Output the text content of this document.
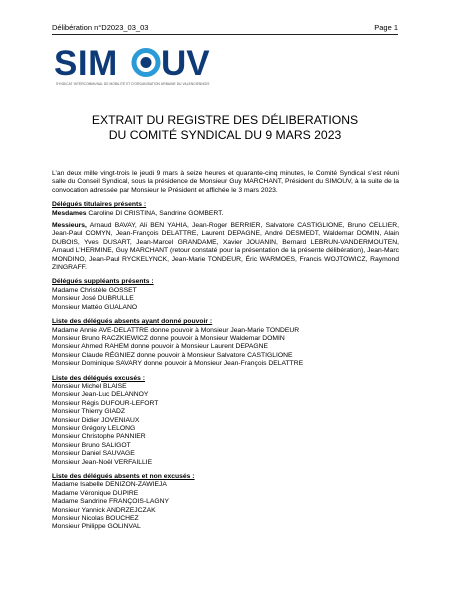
Délibération n°D2023_03_03	Page 1
SIM UV
SYNDICAT INTERCOMMUNAL DE MOBILITÉ ET D'ORGANISATION URBAINE DU VALENCIENNOIS
EXTRAIT DU REGISTRE DES DÉLIBERATIONS
DU COMITÉ SYNDICAL DU 9 MARS 2023
L’an deux mille vingt-trois le jeudi 9 mars à seize heures et quarante-cinq minutes, le Comité Syndical s’est réuni salle du Conseil Syndical, sous la présidence de Monsieur Guy MARCHANT, Président du SIMOUV, à la suite de la convocation adressée par Monsieur le Président et affichée le 3 mars 2023.
Délégués titulaires présents :
Mesdames Caroline DI CRISTINA, Sandrine GOMBERT.
Messieurs, Arnaud BAVAY, Ali BEN YAHIA, Jean-Roger BERRIER, Salvatore CASTIGLIONE, Bruno CELLIER, Jean-Paul COMYN, Jean-François DELATTRE, Laurent DEPAGNE, André DESMEDT, Waldemar DOMIN, Alain DUBOIS, Yves DUSART, Jean-Marcel GRANDAME, Xavier JOUANIN, Bernard LEBRUN-VANDERMOUTEN, Arnaud L’HERMINE, Guy MARCHANT (retour constaté pour la présentation de la présente délibération), Jean-Marc MONDINO, Jean-Paul RYCKELYNCK, Jean-Marie TONDEUR, Éric WARMOES, Francis WOJTOWICZ, Raymond ZINGRAFF.
Délégués suppléants présents :
Madame Christèle GOSSET
Monsieur José DUBRULLE
Monsieur Mattéo GUALANO
Liste des délégués absents ayant donné pouvoir :
Madame Annie AVE-DELATTRE donne pouvoir à Monsieur Jean-Marie TONDEUR
Monsieur Bruno RACZKIEWICZ donne pouvoir à Monsieur Waldemar DOMIN
Monsieur Ahmed RAHEM donne pouvoir à Monsieur Laurent DEPAGNE
Monsieur Claude RÉGNIEZ donne pouvoir à Monsieur Salvatore CASTIGLIONE
Monsieur Dominique SAVARY donne pouvoir à Monsieur Jean-François DELATTRE
Liste des délégués excusés :
Monsieur Michel BLAISE
Monsieur Jean-Luc DELANNOY
Monsieur Régis DUFOUR-LEFORT
Monsieur Thierry GIADZ
Monsieur Didier JOVENIAUX
Monsieur Grégory LELONG
Monsieur Christophe PANNIER
Monsieur Bruno SALIGOT
Monsieur Daniel SAUVAGE
Monsieur Jean-Noël VERFAILLIE
Liste des délégués absents et non excusés :
Madame Isabelle DENIZON-ZAWIEJA
Madame Véronique DUPIRE
Madame Sandrine FRANÇOIS-LAGNY
Monsieur Yannick ANDRZEJCZAK
Monsieur Nicolas BOUCHEZ
Monsieur Philippe GOLINVAL
